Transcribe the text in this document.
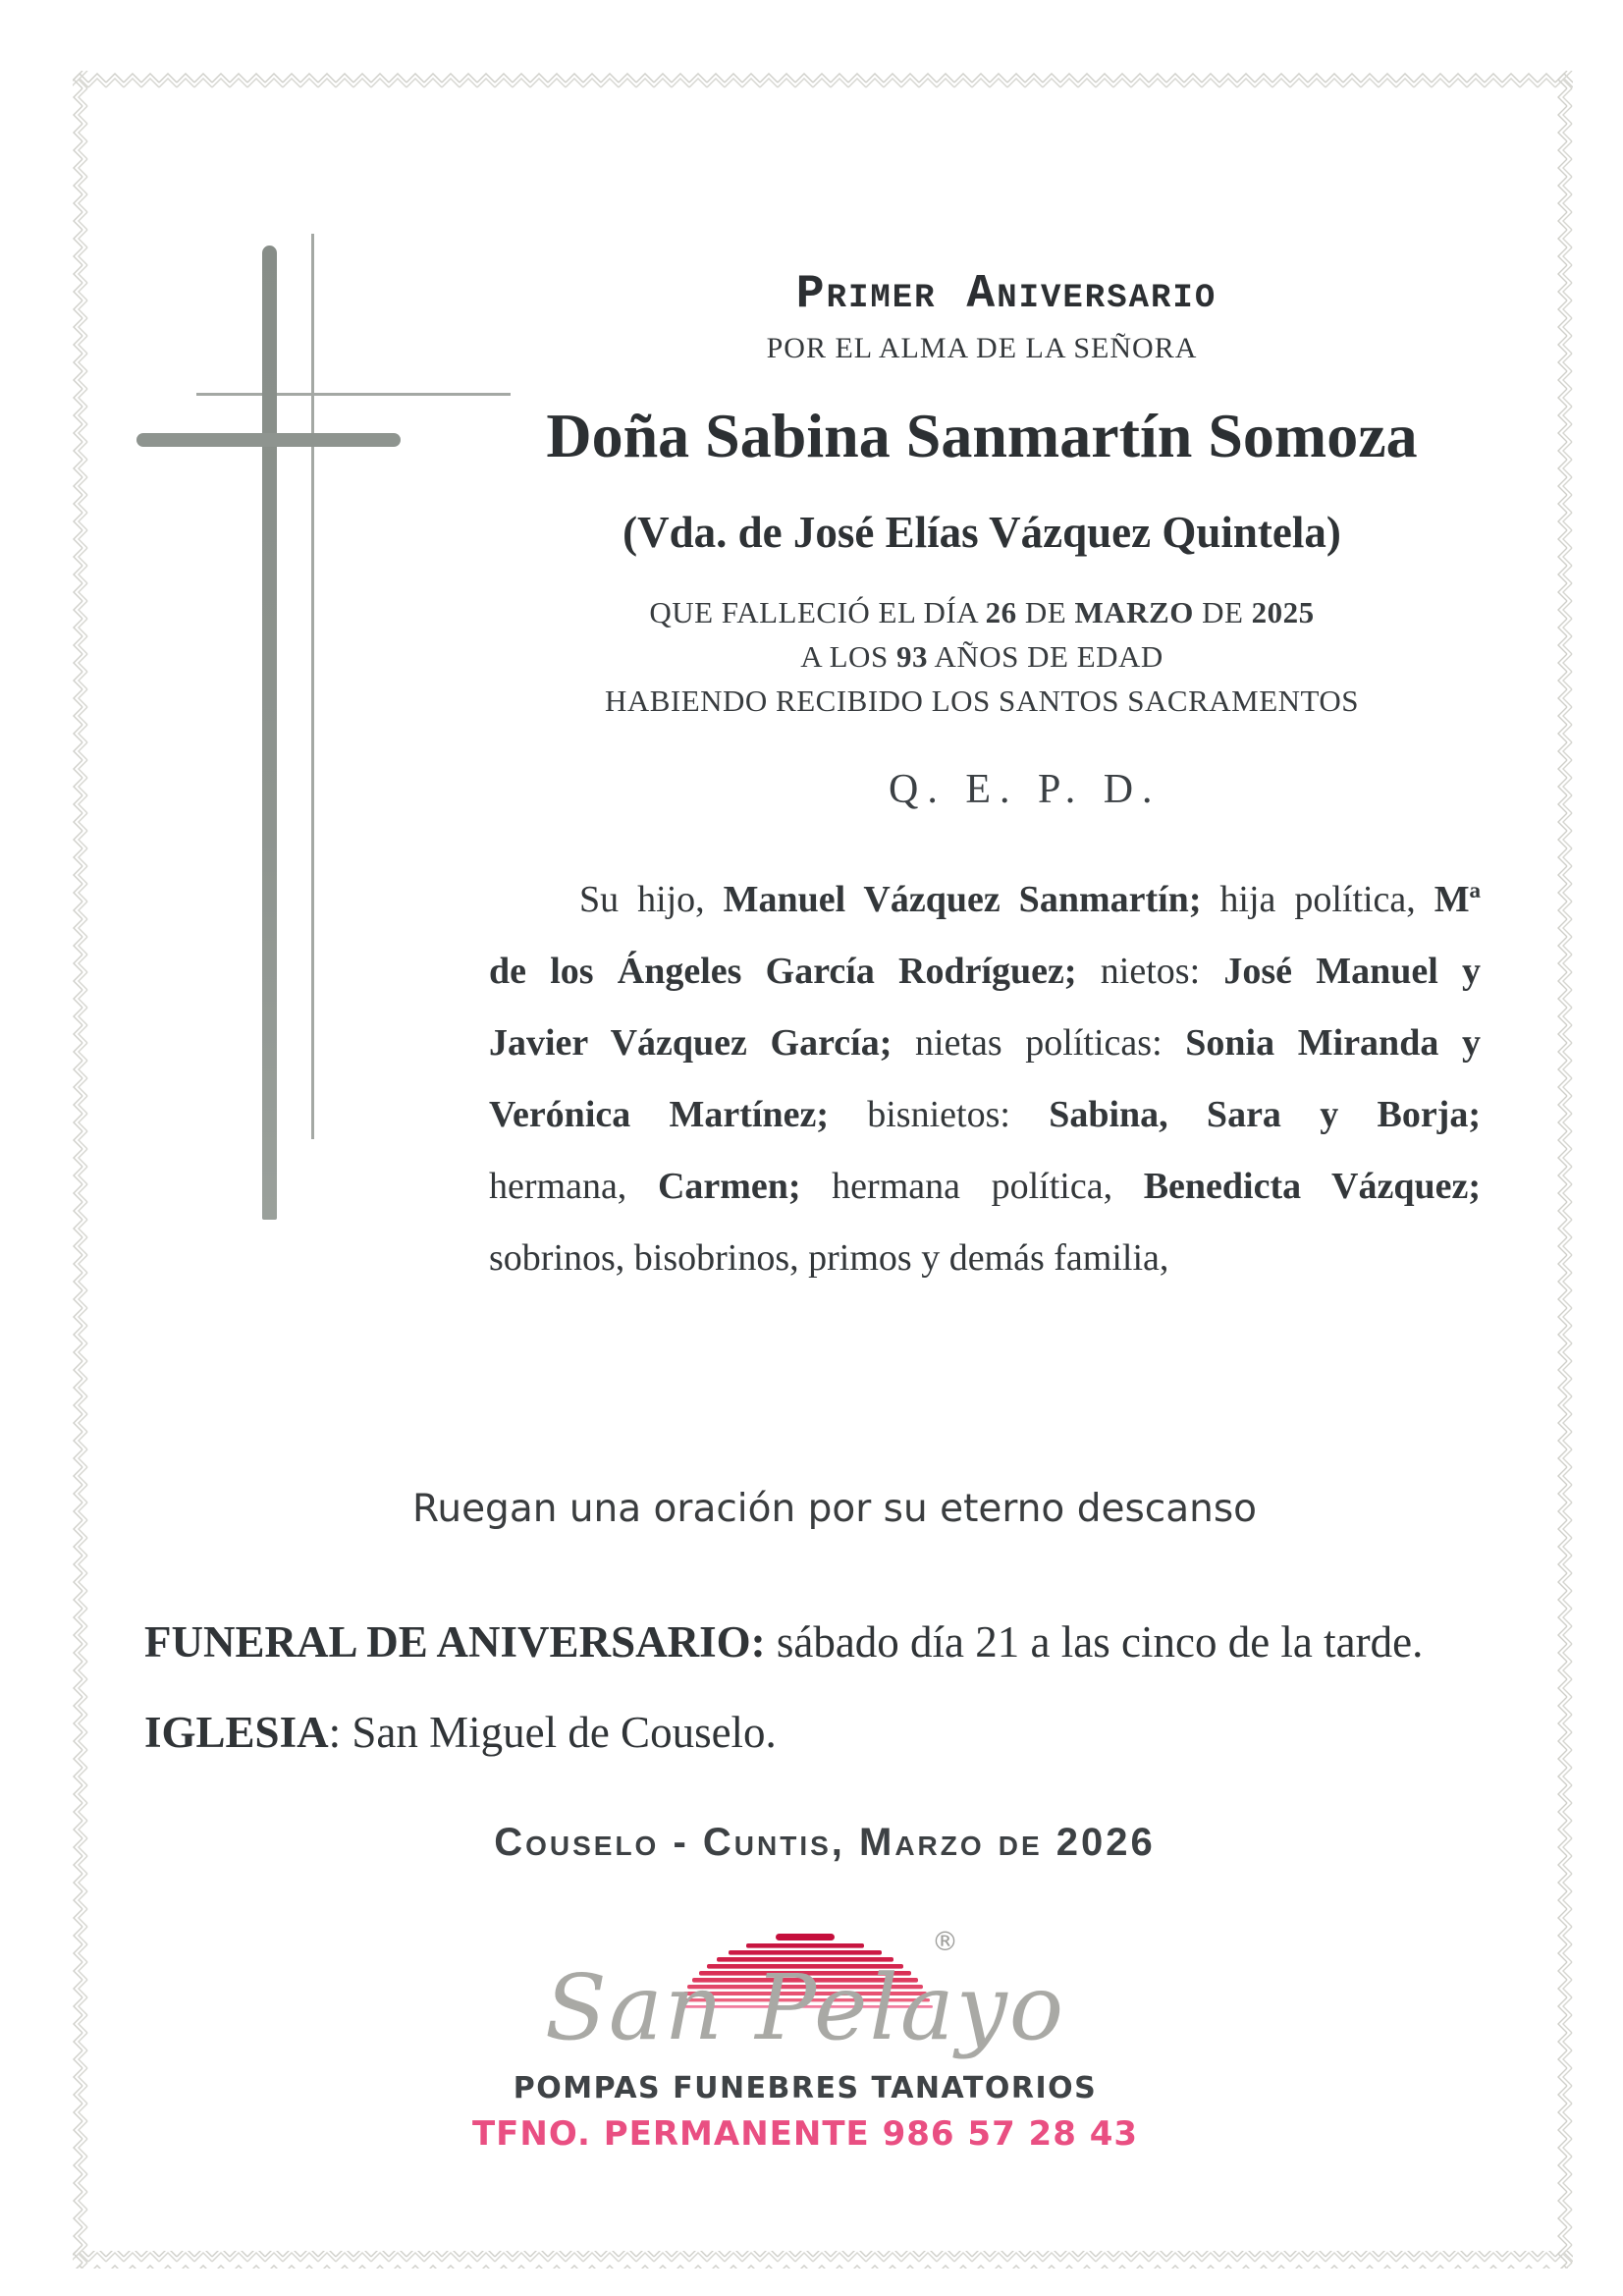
Primer Aniversario
POR EL ALMA DE LA SEÑORA
Doña Sabina Sanmartín Somoza
(Vda. de José Elías Vázquez Quintela)
QUE FALLECIÓ EL DÍA 26 DE MARZO DE 2025
A LOS 93 AÑOS DE EDAD
HABIENDO RECIBIDO LOS SANTOS SACRAMENTOS
Q. E. P. D.
Su hijo, Manuel Vázquez Sanmartín; hija política, Mª
de los Ángeles García Rodríguez; nietos: José Manuel y
Javier Vázquez García; nietas políticas: Sonia Miranda y
Verónica Martínez; bisnietos: Sabina, Sara y Borja;
hermana, Carmen; hermana política, Benedicta Vázquez;
sobrinos, bisobrinos, primos y demás familia,
Ruegan una oración por su eterno descanso
FUNERAL DE ANIVERSARIO: sábado día 21 a las cinco de la tarde.
IGLESIA: San Miguel de Couselo.
Couselo - Cuntis, Marzo de 2026
®
San Pelayo
POMPAS FUNEBRES TANATORIOS
TFNO. PERMANENTE 986 57 28 43
